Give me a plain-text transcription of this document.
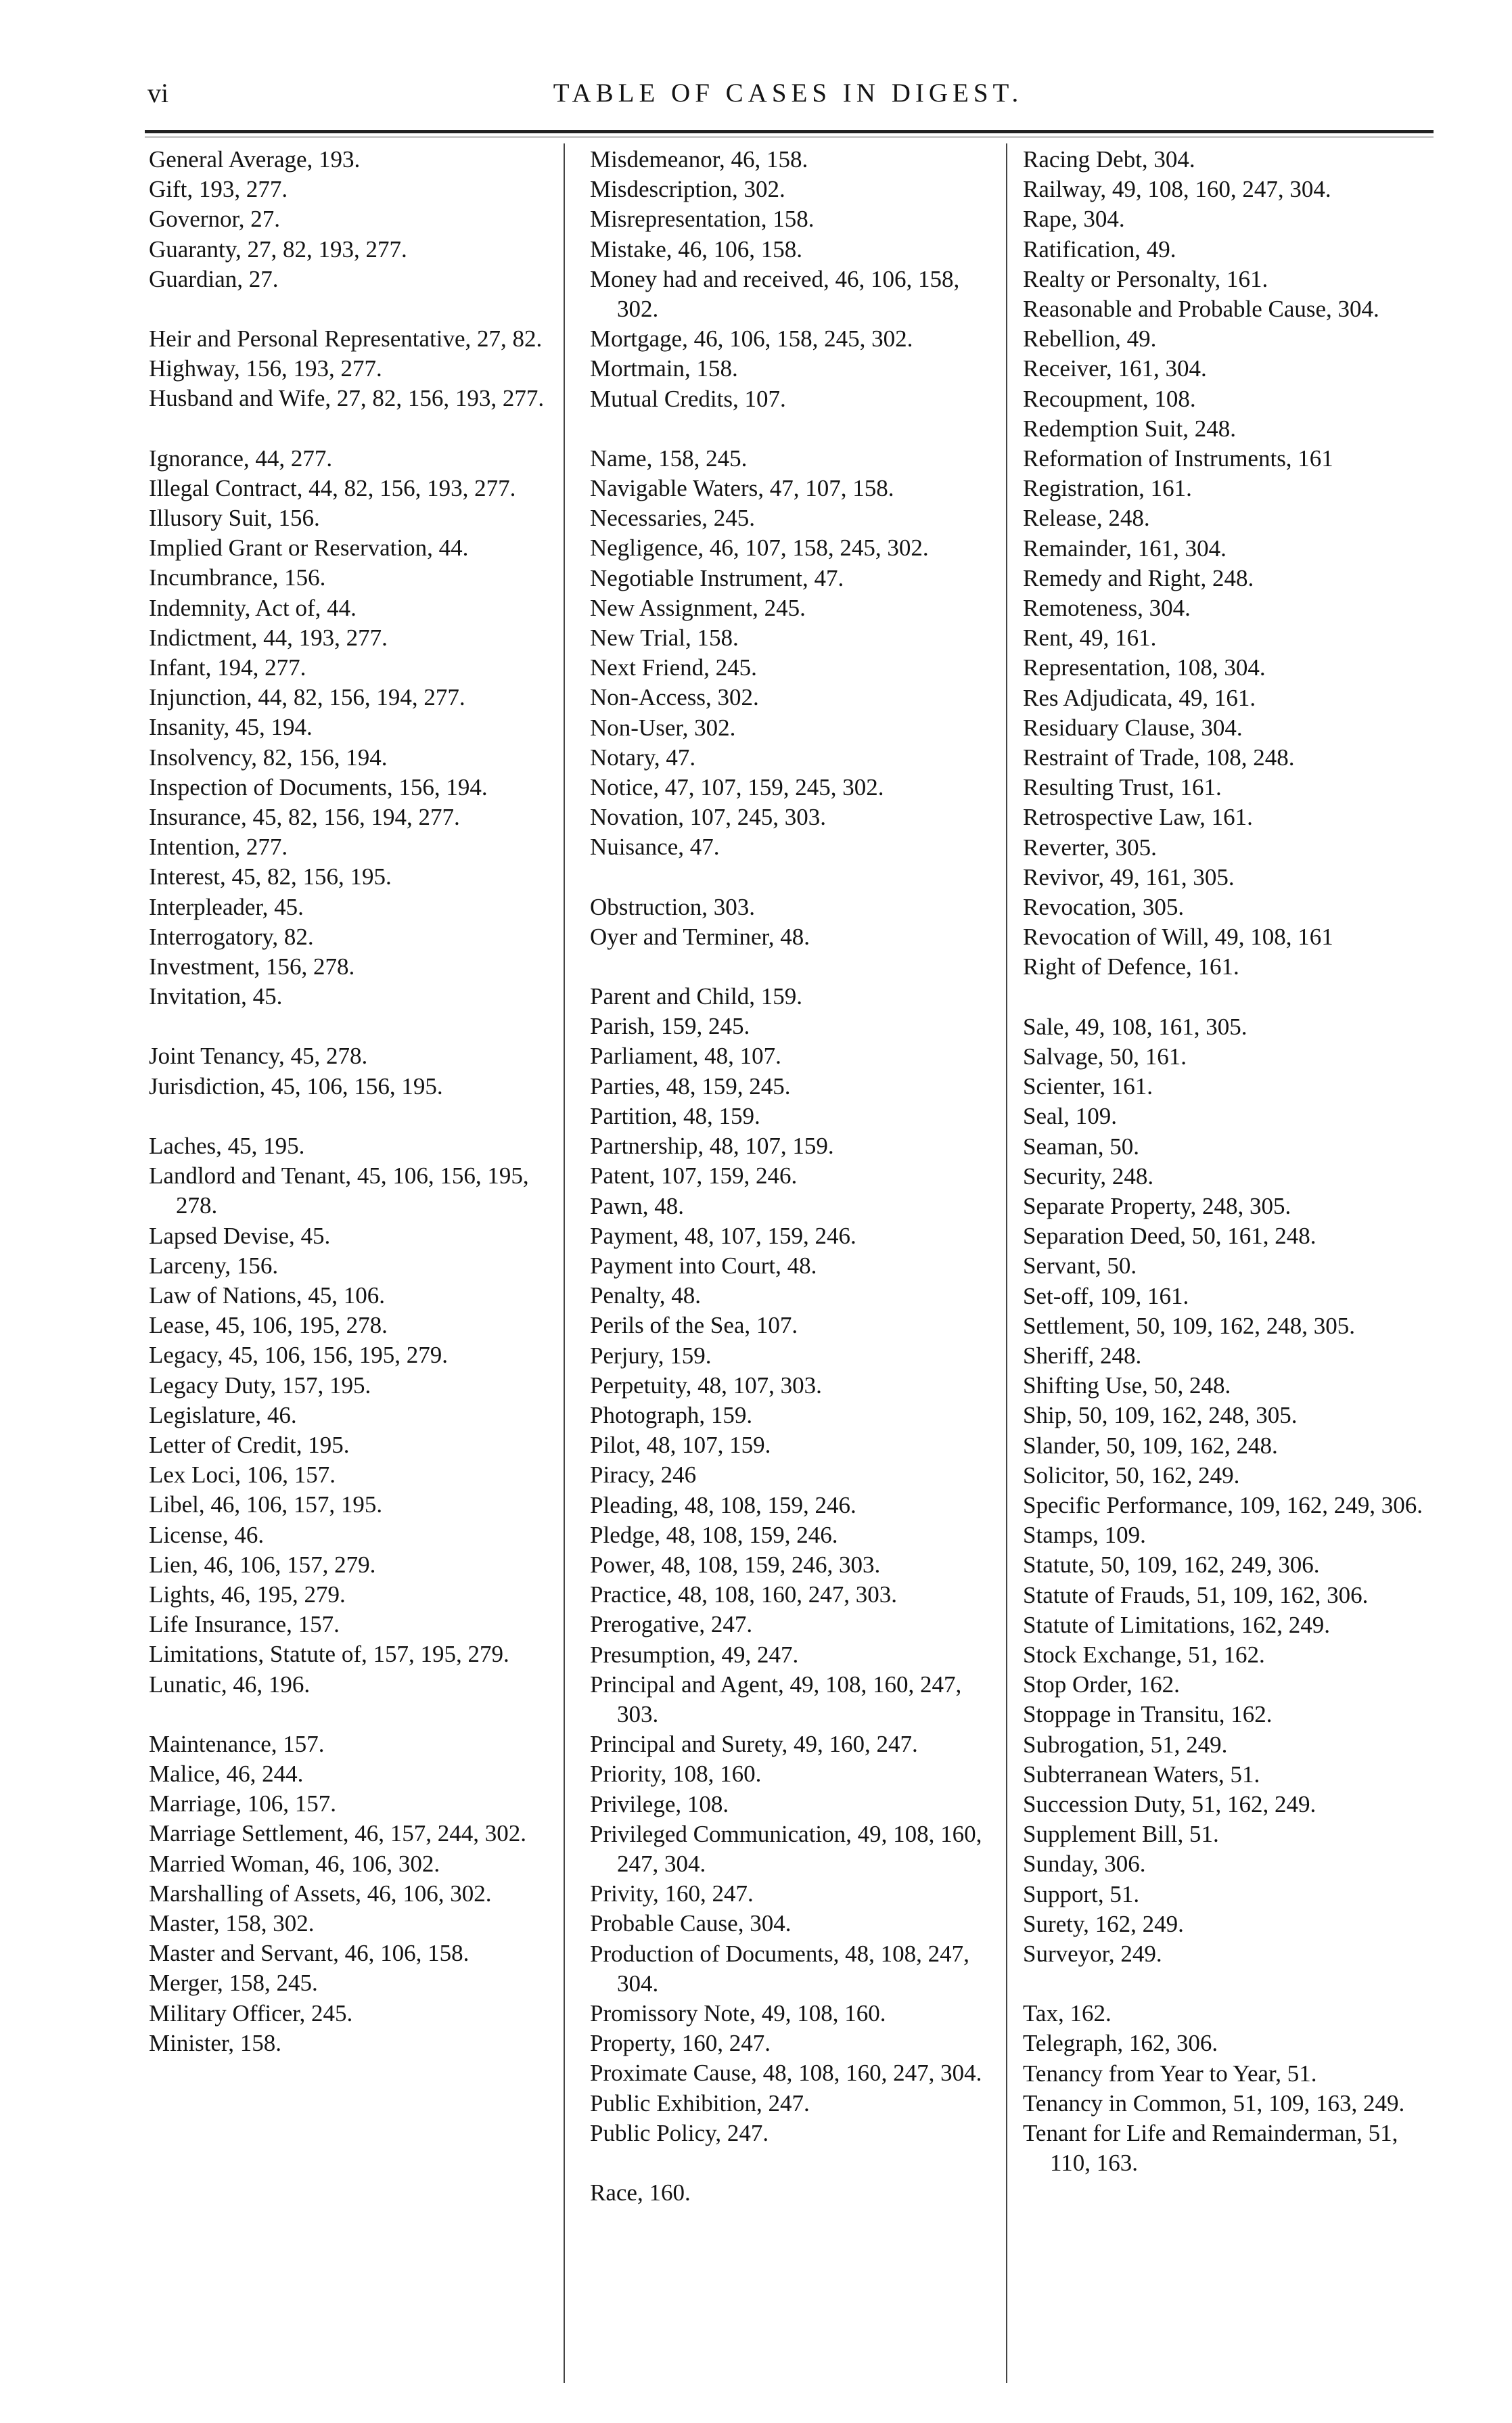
vi	TABLE OF CASES IN DIGEST.

General Average, 193.

Gift, 193, 277.

Governor, 27.

Guaranty, 27, 82, 193, 277.

Guardian, 27.

Heir and Personal Representative, 27, 82.

Highway, 156, 193, 277.

Husband and Wife, 27, 82, 156, 193, 277.

Ignorance, 44, 277.

Illegal Contract, 44, 82, 156, 193, 277.

Illusory Suit, 156.

Implied Grant or Reservation, 44.

Incumbrance, 156.

Indemnity, Act of, 44.

Indictment, 44, 193, 277.

Infant, 194, 277.

Injunction, 44, 82, 156, 194, 277.

Insanity, 45, 194.

Insolvency, 82, 156, 194.

Inspection of Documents, 156, 194.

Insurance, 45, 82, 156, 194, 277.

Intention, 277.

Interest, 45, 82, 156, 195.

Interpleader, 45.

Interrogatory, 82.

Investment, 156, 278.

Invitation, 45.

Joint Tenancy, 45, 278.

Jurisdiction, 45, 106, 156, 195.

Laches, 45, 195.

Landlord and Tenant, 45, 106, 156, 195, 278.

Lapsed Devise, 45.

Larceny, 156.

Law of Nations, 45, 106.

Lease, 45, 106, 195, 278.

Legacy, 45, 106, 156, 195, 279.

Legacy Duty, 157, 195.

Legislature, 46.

Letter of Credit, 195.

Lex Loci, 106, 157.

Libel, 46, 106, 157, 195.

License, 46.

Lien, 46, 106, 157, 279.

Lights, 46, 195, 279.

Life Insurance, 157.

Limitations, Statute of, 157, 195, 279.

Lunatic, 46, 196.

Maintenance, 157.

Malice, 46, 244.

Marriage, 106, 157.

Marriage Settlement, 46, 157, 244, 302.

Married Woman, 46, 106, 302.

Marshalling of Assets, 46, 106, 302.

Master, 158, 302.

Master and Servant, 46, 106, 158.

Merger, 158, 245.

Military Officer, 245.

Minister, 158.

Misdemeanor, 46, 158.

Misdescription, 302.

Misrepresentation, 158.

Mistake, 46, 106, 158.

Money had and received, 46, 106, 158, 302.

Mortgage, 46, 106, 158, 245, 302.

Mortmain, 158.

Mutual Credits, 107.

Name, 158, 245.

Navigable Waters, 47, 107, 158.

Necessaries, 245.

Negligence, 46, 107, 158, 245, 302.

Negotiable Instrument, 47.

New Assignment, 245.

New Trial, 158.

Next Friend, 245.

Non-Access, 302.

Non-User, 302.

Notary, 47.

Notice, 47, 107, 159, 245, 302.

Novation, 107, 245, 303.

Nuisance, 47.

Obstruction, 303.

Oyer and Terminer, 48.

Parent and Child, 159.

Parish, 159, 245.

Parliament, 48, 107.

Parties, 48, 159, 245.

Partition, 48, 159.

Partnership, 48, 107, 159.

Patent, 107, 159, 246.

Pawn, 48.

Payment, 48, 107, 159, 246.

Payment into Court, 48.

Penalty, 48.

Perils of the Sea, 107.

Perjury, 159.

Perpetuity, 48, 107, 303.

Photograph, 159.

Pilot, 48, 107, 159.

Piracy, 246

Pleading, 48, 108, 159, 246.

Pledge, 48, 108, 159, 246.

Power, 48, 108, 159, 246, 303.

Practice, 48, 108, 160, 247, 303.

Prerogative, 247.

Presumption, 49, 247.

Principal and Agent, 49, 108, 160, 247, 303.

Principal and Surety, 49, 160, 247.

Priority, 108, 160.

Privilege, 108.

Privileged Communication, 49, 108, 160, 247, 304.

Privity, 160, 247.

Probable Cause, 304.

Production of Documents, 48, 108, 247, 304.

Promissory Note, 49, 108, 160.

Property, 160, 247.

Proximate Cause, 48, 108, 160, 247, 304.

Public Exhibition, 247.

Public Policy, 247.

Race, 160.

Racing Debt, 304.

Railway, 49, 108, 160, 247, 304.

Rape, 304.

Ratification, 49.

Realty or Personalty, 161.

Reasonable and Probable Cause, 304.

Rebellion, 49.

Receiver, 161, 304.

Recoupment, 108.

Redemption Suit, 248.

Reformation of Instruments, 161

Registration, 161.

Release, 248.

Remainder, 161, 304.

Remedy and Right, 248.

Remoteness, 304.

Rent, 49, 161.

Representation, 108, 304.

Res Adjudicata, 49, 161.

Residuary Clause, 304.

Restraint of Trade, 108, 248.

Resulting Trust, 161.

Retrospective Law, 161.

Reverter, 305.

Revivor, 49, 161, 305.

Revocation, 305.

Revocation of Will, 49, 108, 161

Right of Defence, 161.

Sale, 49, 108, 161, 305.

Salvage, 50, 161.

Scienter, 161.

Seal, 109.

Seaman, 50.

Security, 248.

Separate Property, 248, 305.

Separation Deed, 50, 161, 248.

Servant, 50.

Set-off, 109, 161.

Settlement, 50, 109, 162, 248, 305.

Sheriff, 248.

Shifting Use, 50, 248.

Ship, 50, 109, 162, 248, 305.

Slander, 50, 109, 162, 248.

Solicitor, 50, 162, 249.

Specific Performance, 109, 162, 249, 306.

Stamps, 109.

Statute, 50, 109, 162, 249, 306.

Statute of Frauds, 51, 109, 162, 306.

Statute of Limitations, 162, 249.

Stock Exchange, 51, 162.

Stop Order, 162.

Stoppage in Transitu, 162.

Subrogation, 51, 249.

Subterranean Waters, 51.

Succession Duty, 51, 162, 249.

Supplement Bill, 51.

Sunday, 306.

Support, 51.

Surety, 162, 249.

Surveyor, 249.

Tax, 162.

Telegraph, 162, 306.

Tenancy from Year to Year, 51.

Tenancy in Common, 51, 109, 163, 249.

Tenant for Life and Remainderman, 51, 110, 163.
